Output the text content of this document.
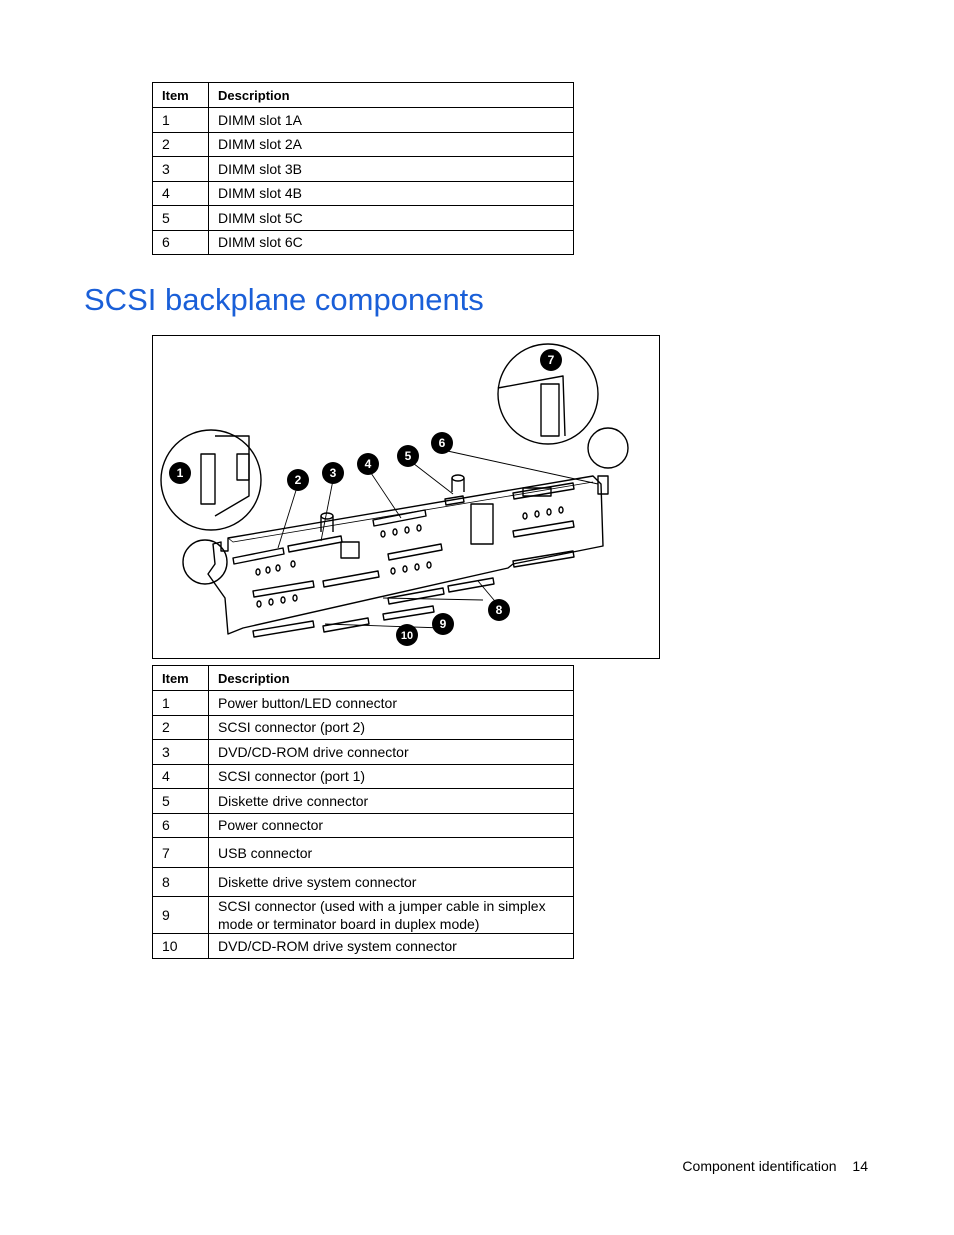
Item	Description
1	DIMM slot 1A
2	DIMM slot 2A
3	DIMM slot 3B
4	DIMM slot 4B
5	DIMM slot 5C
6	DIMM slot 6C
SCSI backplane components
1	2 3
4
5
6
7
8
9
10
Item	Description
1	Power button/LED connector
2	SCSI connector (port 2)
3	DVD/CD-ROM drive connector
4	SCSI connector (port 1)
5	Diskette drive connector
6	Power connector
7	USB connector
8	Diskette drive system connector
9	SCSI connector (used with a jumper cable in simplex mode or terminator board in duplex mode)
10	DVD/CD-ROM drive system connector
Component identification 14
